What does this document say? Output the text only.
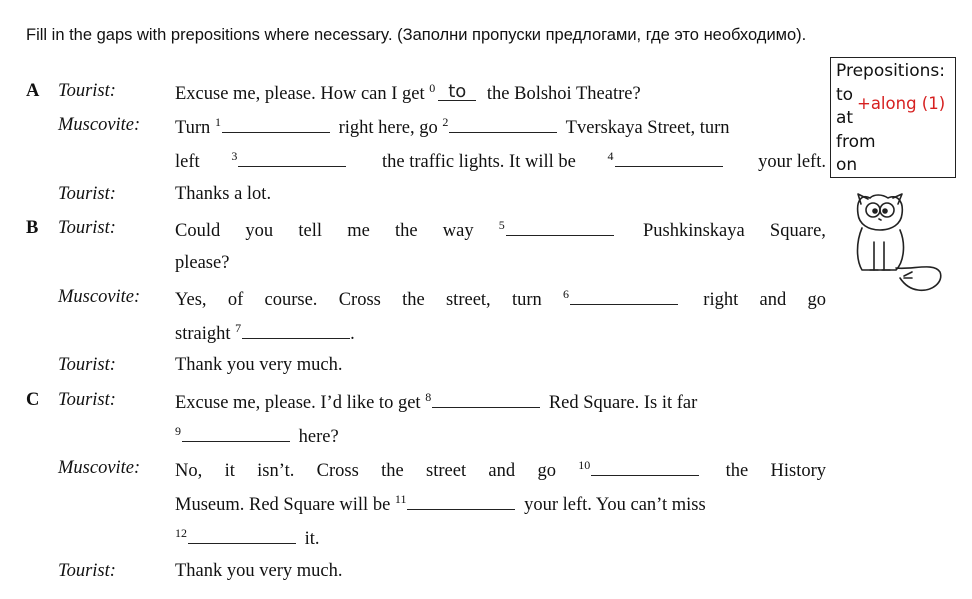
Fill in the gaps with prepositions where necessary. (Заполни пропуски предлогами, где это необходимо).

A Tourist:	Excuse me, please. How can I get $^0$ to the Bolshoi Theatre?
Muscovite: Turn $^1$	right here, go $^2$	Tverskaya Street, turn
left	$^3$	the traffic lights. It will be	$^4$	your left.
Tourist:	Thanks a lot.
B Tourist:	Could you tell me the way $^5$	Pushkinskaya Square,
please?
Muscovite: Yes, of course. Cross the street, turn $^6$	right and go
straight $^7$	.
Tourist:	Thank you very much.
C Tourist:	Excuse me, please. I’d like to get $^8$	Red Square. Is it far
$^9$	here?
Muscovite: No, it isn’t. Cross the street and go $^{10}$	the History
Museum. Red Square will be $^{11}$	your left. You can’t miss
$^{12}$	it.
Tourist:	Thank you very much.
Prepositions:
to
at
from
on
+along (1)
